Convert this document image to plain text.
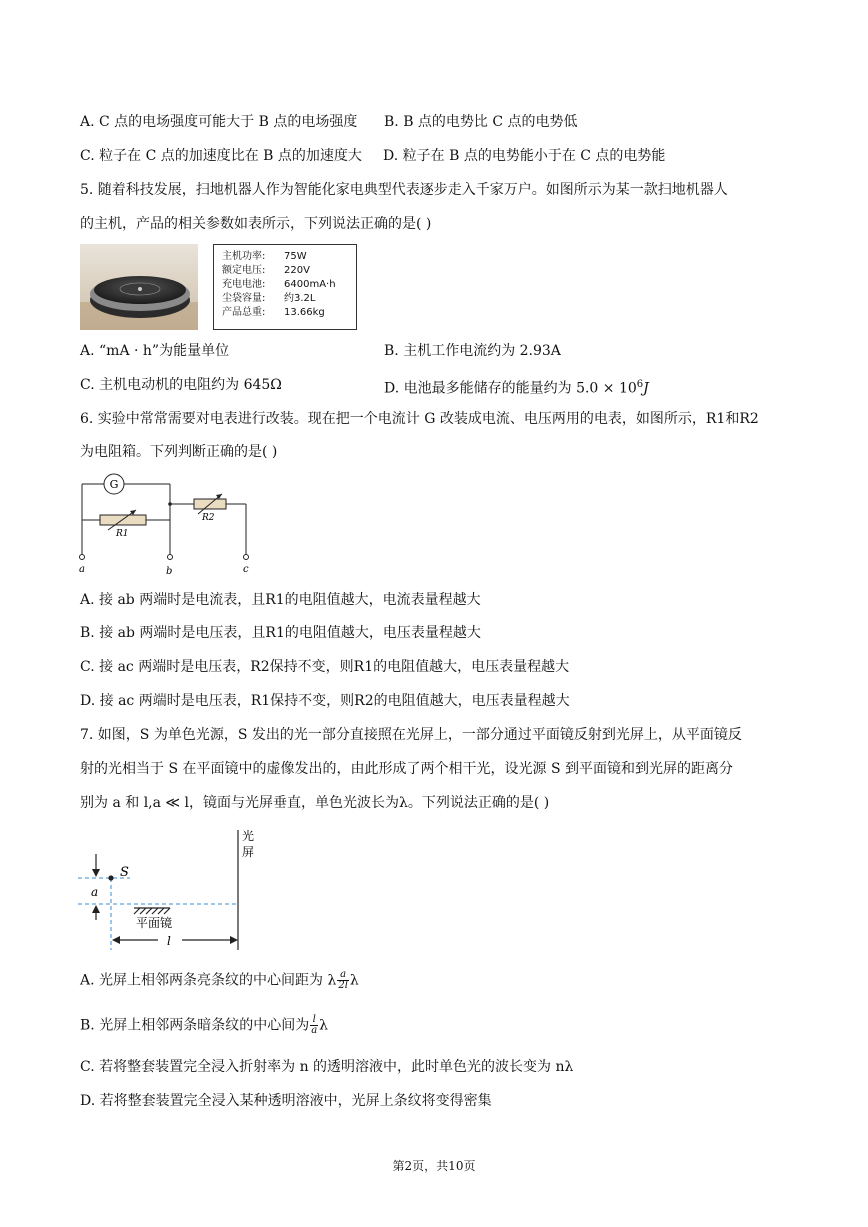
A. C 点的电场强度可能大于 B 点的电场强度 B. B 点的电势比 C 点的电势低
C. 粒子在 C 点的加速度比在 B 点的加速度大 D. 粒子在 B 点的电势能小于在 C 点的电势能
5. 随着科技发展，扫地机器人作为智能化家电典型代表逐步走入千家万户。如图所示为某一款扫地机器人
的主机，产品的相关参数如表所示，下列说法正确的是( )
主机功率: 75W
额定电压: 220V
充电电池: 6400mA·h
尘袋容量: 约3.2L
产品总重: 13.66kg
A. “mA · h”为能量单位	B. 主机工作电流约为 2.93A
C. 主机电动机的电阻约为 645Ω	D. 电池最多能储存的能量约为 $5.0 \times 10^6J$
6. 实验中常常需要对电表进行改装。现在把一个电流计 G 改装成电流、电压两用的电表，如图所示，R1和R2
为电阻箱。下列判断正确的是( )
G
R1
R2
a	b	c
A. 接 ab 两端时是电流表，且R1的电阻值越大，电流表量程越大
B. 接 ab 两端时是电压表，且R1的电阻值越大，电压表量程越大
C. 接 ac 两端时是电压表，R2保持不变，则R1的电阻值越大，电压表量程越大
D. 接 ac 两端时是电压表，R1保持不变，则R2的电阻值越大，电压表量程越大
7. 如图，S 为单色光源，S 发出的光一部分直接照在光屏上，一部分通过平面镜反射到光屏上，从平面镜反
射的光相当于 S 在平面镜中的虚像发出的，由此形成了两个相干光，设光源 S 到平面镜和到光屏的距离分
别为 a 和 l,a ≪ l，镜面与光屏垂直，单色光波长为λ。下列说法正确的是( )
S
a
l
平面镜
光
屏
A. 光屏上相邻两条亮条纹的中心间距为 λ $\frac{a}{2l}$ λ
B. 光屏上相邻两条暗条纹的中心间为 $\frac{l}{a}$ λ
C. 若将整套装置完全浸入折射率为 n 的透明溶液中，此时单色光的波长变为 nλ
D. 若将整套装置完全浸入某种透明溶液中，光屏上条纹将变得密集
第2页，共10页
